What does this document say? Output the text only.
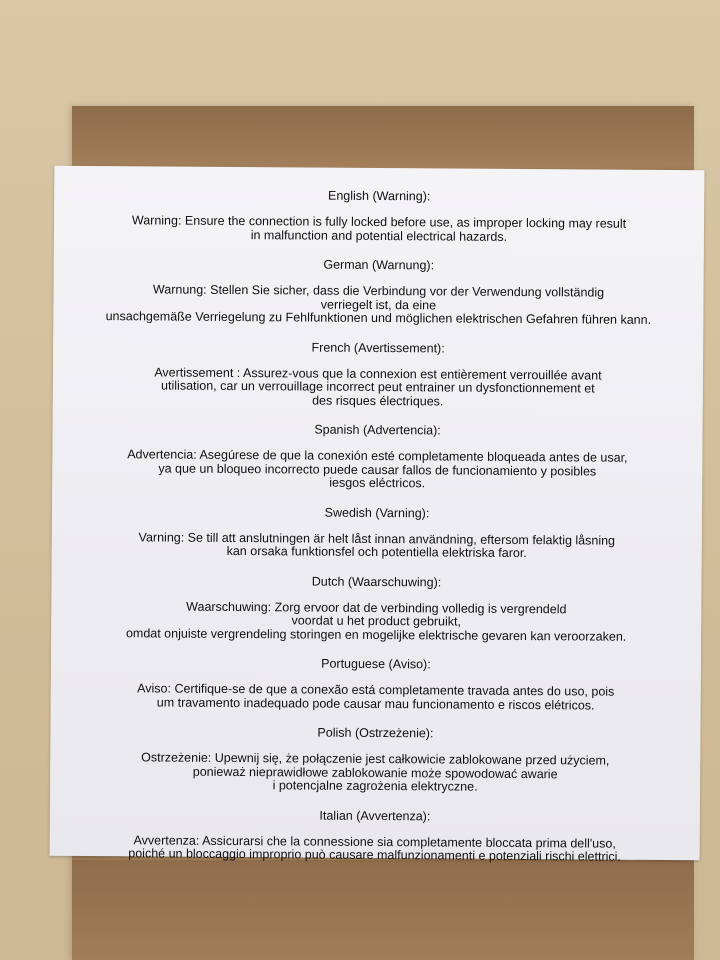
English (Warning):

Warning: Ensure the connection is fully locked before use, as improper locking may result
in malfunction and potential electrical hazards.

German (Warnung):

Warnung: Stellen Sie sicher, dass die Verbindung vor der Verwendung vollständig
verriegelt ist, da eine
unsachgemäße Verriegelung zu Fehlfunktionen und möglichen elektrischen Gefahren führen kann.

French (Avertissement):

Avertissement : Assurez-vous que la connexion est entièrement verrouillée avant
utilisation, car un verrouillage incorrect peut entrainer un dysfonctionnement et
des risques électriques.

Spanish (Advertencia):

Advertencia: Asegúrese de que la conexión esté completamente bloqueada antes de usar,
ya que un bloqueo incorrecto puede causar fallos de funcionamiento y posibles
iesgos eléctricos.

Swedish (Varning):

Varning: Se till att anslutningen är helt låst innan användning, eftersom felaktig låsning
kan orsaka funktionsfel och potentiella elektriska faror.

Dutch (Waarschuwing):

Waarschuwing: Zorg ervoor dat de verbinding volledig is vergrendeld
voordat u het product gebruikt,
omdat onjuiste vergrendeling storingen en mogelijke elektrische gevaren kan veroorzaken.

Portuguese (Aviso):

Aviso: Certifique-se de que a conexão está completamente travada antes do uso, pois
um travamento inadequado pode causar mau funcionamento e riscos elétricos.

Polish (Ostrzeżenie):

Ostrzeżenie: Upewnij się, że połączenie jest całkowicie zablokowane przed użyciem,
ponieważ nieprawidłowe zablokowanie może spowodować awarie
i potencjalne zagrożenia elektryczne.

Italian (Avvertenza):

Avvertenza: Assicurarsi che la connessione sia completamente bloccata prima dell'uso,
poiché un bloccaggio improprio può causare malfunzionamenti e potenziali rischi elettrici.
